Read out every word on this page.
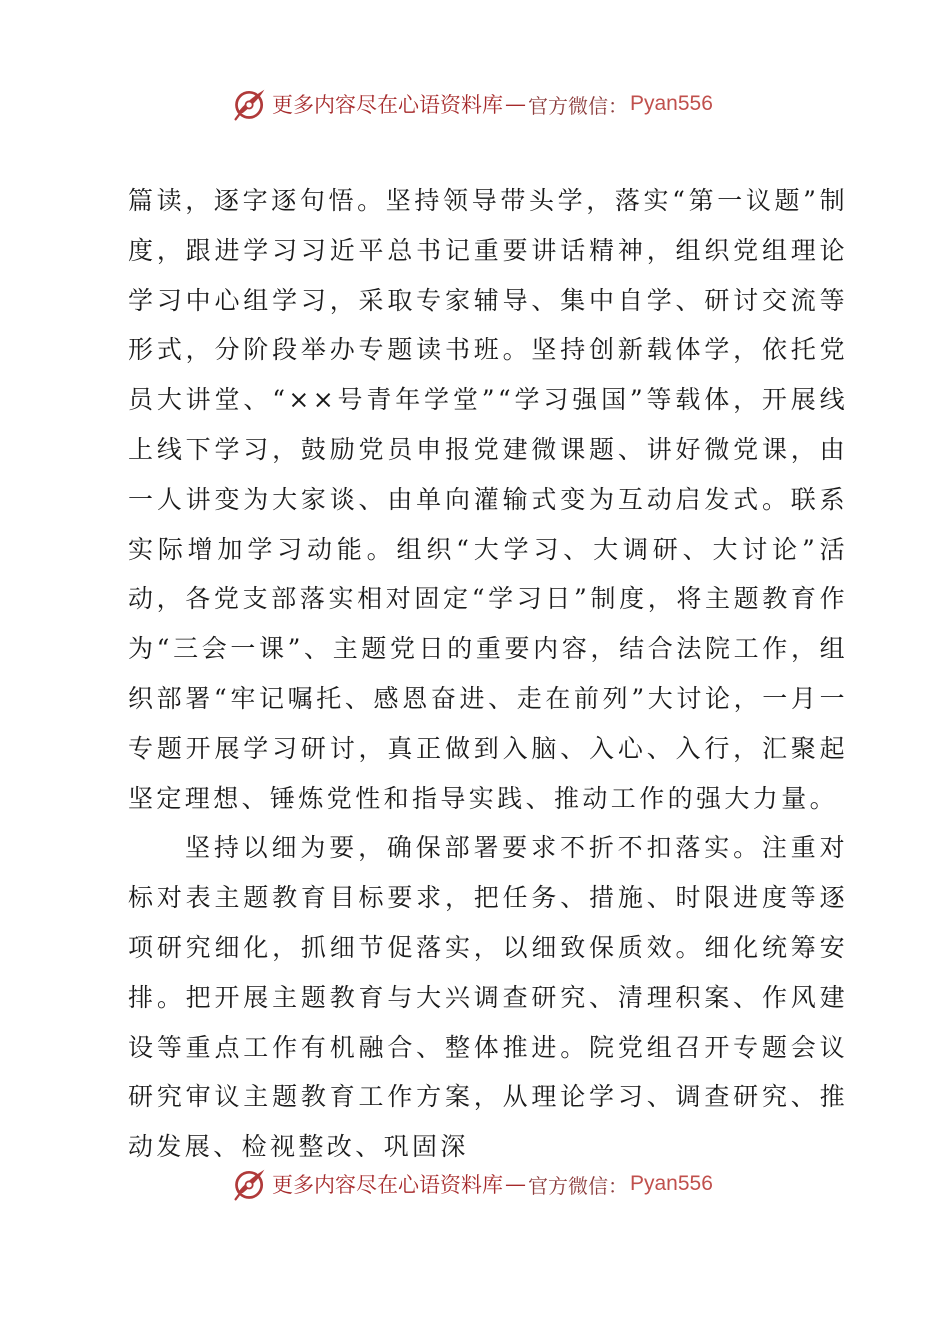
更多内容尽在心语资料库 — 官方微信： Pyan556

篇读，逐字逐句悟。坚持领导带头学，落实“第一议题”制度，跟进学习习近平总书记重要讲话精神，组织党组理论学习中心组学习，采取专家辅导、集中自学、研讨交流等形式，分阶段举办专题读书班。坚持创新载体学，依托党员大讲堂、“××号青年学堂”“学习强国”等载体，开展线上线下学习，鼓励党员申报党建微课题、讲好微党课，由一人讲变为大家谈、由单向灌输式变为互动启发式。联系实际增加学习动能。组织“大学习、大调研、大讨论”活动，各党支部落实相对固定“学习日”制度，将主题教育作为“三会一课”、主题党日的重要内容，结合法院工作，组织部署“牢记嘱托、感恩奋进、走在前列”大讨论，一月一专题开展学习研讨，真正做到入脑、入心、入行，汇聚起坚定理想、锤炼党性和指导实践、推动工作的强大力量。

坚持以细为要，确保部署要求不折不扣落实。注重对标对表主题教育目标要求，把任务、措施、时限进度等逐项研究细化，抓细节促落实，以细致保质效。细化统筹安排。把开展主题教育与大兴调查研究、清理积案、作风建设等重点工作有机融合、整体推进。院党组召开专题会议研究审议主题教育工作方案，从理论学习、调查研究、推动发展、检视整改、巩固深

更多内容尽在心语资料库 — 官方微信： Pyan556
